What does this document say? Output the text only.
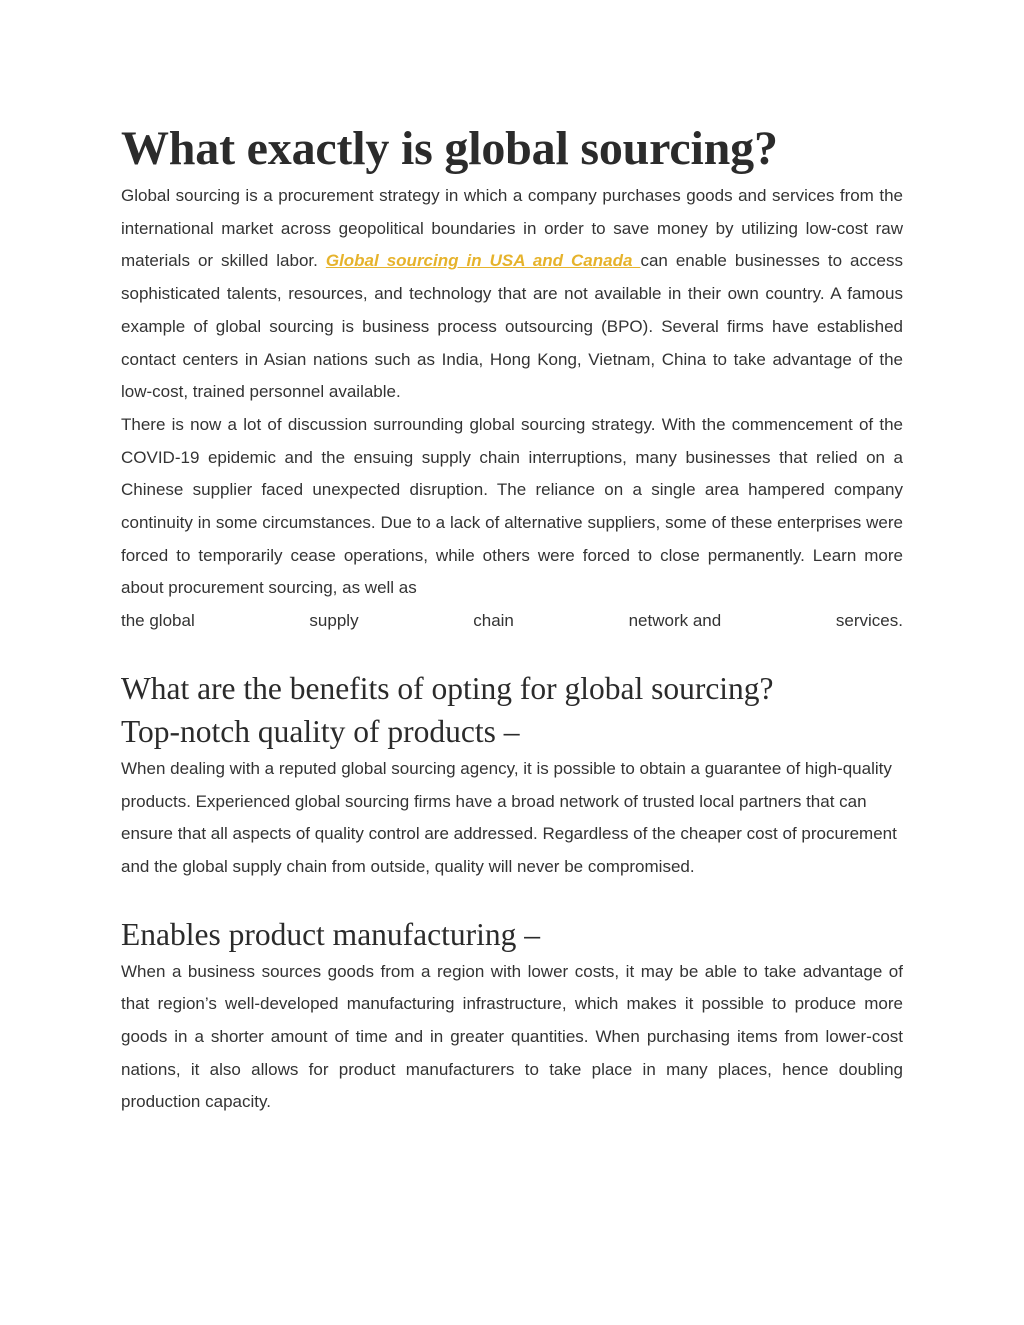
What exactly is global sourcing?

Global sourcing is a procurement strategy in which a company purchases goods and services from the international market across geopolitical boundaries in order to save money by utilizing low-cost raw materials or skilled labor. Global sourcing in USA and Canada can enable businesses to access sophisticated talents, resources, and technology that are not available in their own country. A famous example of global sourcing is business process outsourcing (BPO). Several firms have established contact centers in Asian nations such as India, Hong Kong, Vietnam, China to take advantage of the low-cost, trained personnel available.

There is now a lot of discussion surrounding global sourcing strategy. With the commencement of the COVID-19 epidemic and the ensuing supply chain interruptions, many businesses that relied on a Chinese supplier faced unexpected disruption. The reliance on a single area hampered company continuity in some circumstances. Due to a lack of alternative suppliers, some of these enterprises were forced to temporarily cease operations, while others were forced to close permanently. Learn more about procurement sourcing, as well as

the global	supply	chain	network and	services.
What are the benefits of opting for global sourcing?
Top-notch quality of products –

When dealing with a reputed global sourcing agency, it is possible to obtain a guarantee of high-quality products. Experienced global sourcing firms have a broad network of trusted local partners that can ensure that all aspects of quality control are addressed. Regardless of the cheaper cost of procurement and the global supply chain from outside, quality will never be compromised.

Enables product manufacturing –

When a business sources goods from a region with lower costs, it may be able to take advantage of that region’s well-developed manufacturing infrastructure, which makes it possible to produce more goods in a shorter amount of time and in greater quantities. When purchasing items from lower-cost nations, it also allows for product manufacturers to take place in many places, hence doubling production capacity.
